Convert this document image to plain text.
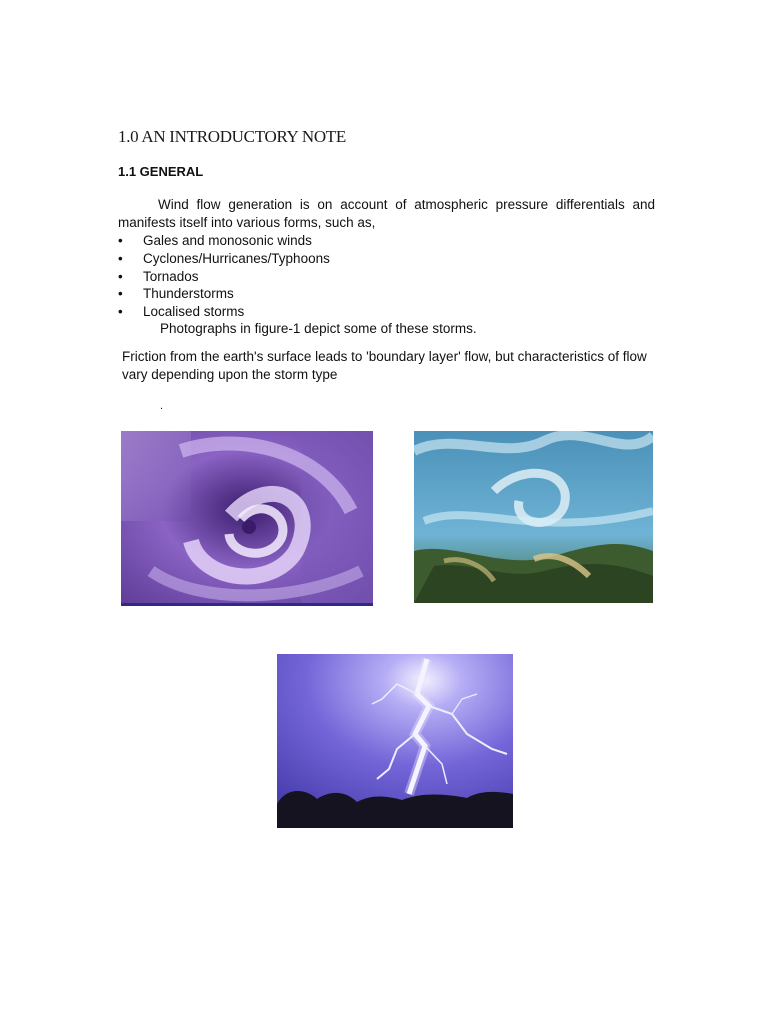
1.0 AN INTRODUCTORY NOTE
1.1 GENERAL

Wind flow generation is on account of atmospheric pressure differentials and manifests itself into various forms, such as,

• Gales and monosonic winds
• Cyclones/Hurricanes/Typhoons
• Tornados
• Thunderstorms
• Localised storms
Photographs in figure-1 depict some of these storms.

Friction from the earth's surface leads to 'boundary layer' flow, but characteristics of flow vary depending upon the storm type

.
